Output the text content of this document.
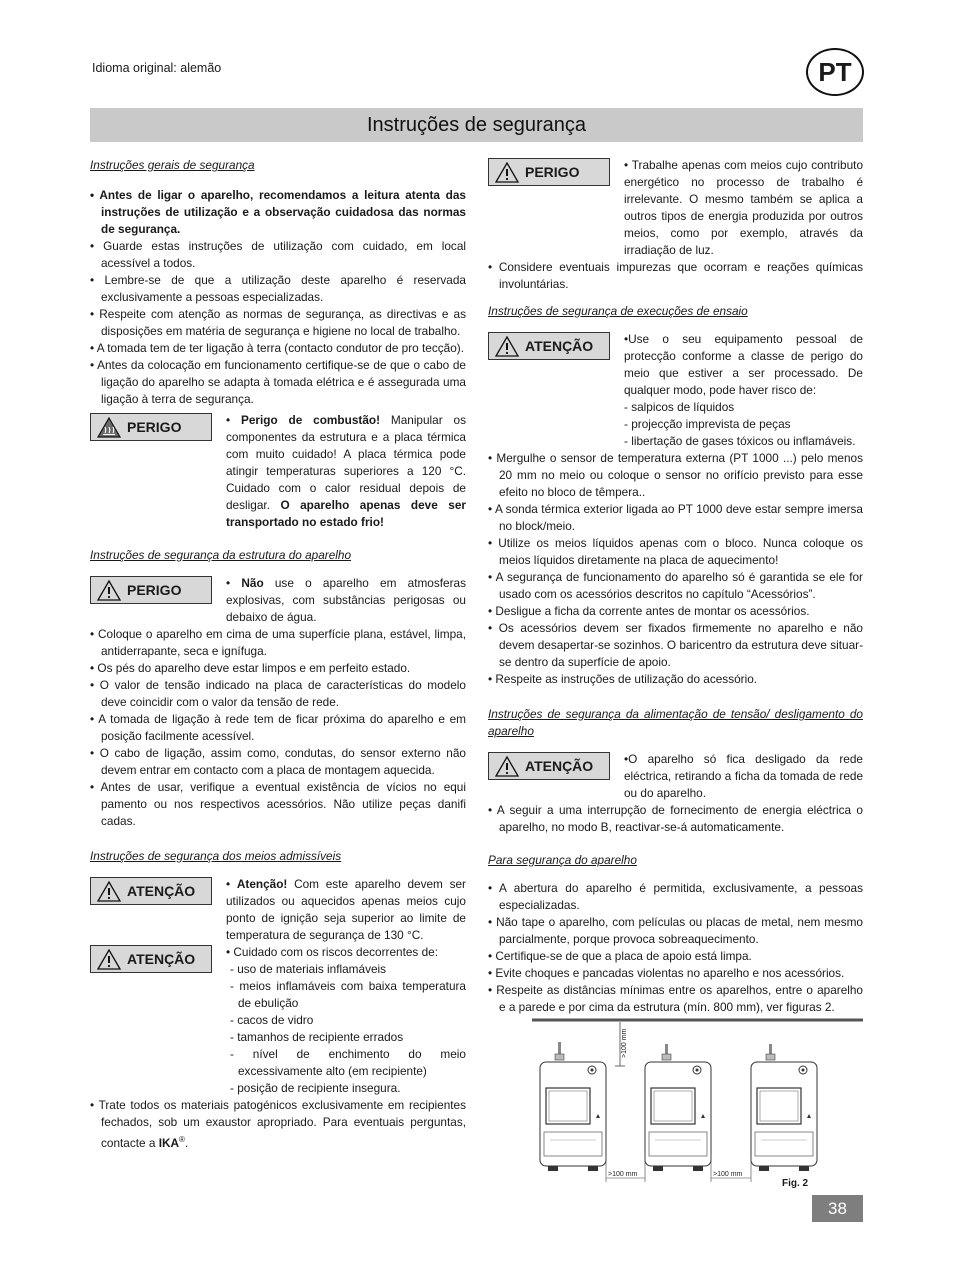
Idioma original: alemão	PT
Instruções de segurança

Instruções gerais de segurança

• Antes de ligar o aparelho, recomendamos a leitura atenta das instruções de utilização e a observação cuidadosa das normas de segurança.

• Guarde estas instruções de utilização com cuidado, em local acessível a todos.

• Lembre-se de que a utilização deste aparelho é reservada exclusivamente a pessoas especializadas.

• Respeite com atenção as normas de segurança, as directivas e as disposições em matéria de segurança e higiene no local de trabalho.

• A tomada tem de ter ligação à terra (contacto condutor de pro tecção).

• Antes da colocação em funcionamento certifique-se de que o cabo de ligação do aparelho se adapta à tomada elétrica e é assegurada uma ligação à terra de segurança.

PERIGO	• Perigo de combustão! Manipular os componentes da estrutura e a placa térmica com muito cuidado! A placa térmica pode atingir temperaturas superiores a 120 °C. Cuidado com o calor residual depois de desligar. O aparelho apenas deve ser transportado no estado frio!

Instruções de segurança da estrutura do aparelho

PERIGO	• Não use o aparelho em atmosferas explosivas, com substâncias perigosas ou debaixo de água.

• Coloque o aparelho em cima de uma superfície plana, estável, limpa, antiderrapante, seca e ignífuga.

• Os pés do aparelho deve estar limpos e em perfeito estado.

• O valor de tensão indicado na placa de características do modelo deve coincidir com o valor da tensão de rede.

• A tomada de ligação à rede tem de ficar próxima do aparelho e em posição facilmente acessível.

• O cabo de ligação, assim como, condutas, do sensor externo não devem entrar em contacto com a placa de montagem aquecida.

• Antes de usar, verifique a eventual existência de vícios no equi pamento ou nos respectivos acessórios. Não utilize peças danifi cadas.

Instruções de segurança dos meios admissíveis

ATENÇÃO	• Atenção! Com este aparelho devem ser utilizados ou aquecidos apenas meios cujo ponto de ignição seja superior ao limite de temperatura de segurança de 130 °C.

ATENÇÃO	• Cuidado com os riscos decorrentes de:

- uso de materiais inflamáveis

- meios inflamáveis com baixa temperatura de ebulição

- cacos de vidro

- tamanhos de recipiente errados

- nível de enchimento do meio excessivamente alto (em recipiente)

- posição de recipiente insegura.

• Trate todos os materiais patogénicos exclusivamente em recipientes fechados, sob um exaustor apropriado. Para eventuais perguntas, contacte a IKA®.

PERIGO	• Trabalhe apenas com meios cujo contributo energético no processo de trabalho é irrelevante. O mesmo também se aplica a outros tipos de energia produzida por outros meios, como por exemplo, através da irradiação de luz.

• Considere eventuais impurezas que ocorram e reações químicas involuntárias.

Instruções de segurança de execuções de ensaio

ATENÇÃO	•Use o seu equipamento pessoal de protecção conforme a classe de perigo do meio que estiver a ser processado. De qualquer modo, pode haver risco de:

- salpicos de líquidos

- projecção imprevista de peças

- libertação de gases tóxicos ou inflamáveis.

• Mergulhe o sensor de temperatura externa (PT 1000 ...) pelo menos 20 mm no meio ou coloque o sensor no orifício previsto para esse efeito no bloco de têmpera..

• A sonda térmica exterior ligada ao PT 1000 deve estar sempre imersa no block/meio.

• Utilize os meios líquidos apenas com o bloco. Nunca coloque os meios líquidos diretamente na placa de aquecimento!

• A segurança de funcionamento do aparelho só é garantida se ele for usado com os acessórios descritos no capítulo “Acessórios”.

• Desligue a ficha da corrente antes de montar os acessórios.

• Os acessórios devem ser fixados firmemente no aparelho e não devem desapertar-se sozinhos. O baricentro da estrutura deve situar-se dentro da superfície de apoio.

• Respeite as instruções de utilização do acessório.

Instruções de segurança da alimentação de tensão/ desligamento do aparelho

ATENÇÃO	•O aparelho só fica desligado da rede eléctrica, retirando a ficha da tomada de rede ou do aparelho.

• A seguir a uma interrupção de fornecimento de energia eléctrica o aparelho, no modo B, reactivar-se-á automaticamente.

Para segurança do aparelho

• A abertura do aparelho é permitida, exclusivamente, a pessoas especializadas.

• Não tape o aparelho, com películas ou placas de metal, nem mesmo parcialmente, porque provoca sobreaquecimento.

• Certifique-se de que a placa de apoio está limpa.

• Evite choques e pancadas violentas no aparelho e nos acessórios.

• Respeite as distâncias mínimas entre os aparelhos, entre o aparelho e a parede e por cima da estrutura (mín. 800 mm), ver figuras 2.

>100 mm
>100 mm	>100 mm
Fig. 2
38
